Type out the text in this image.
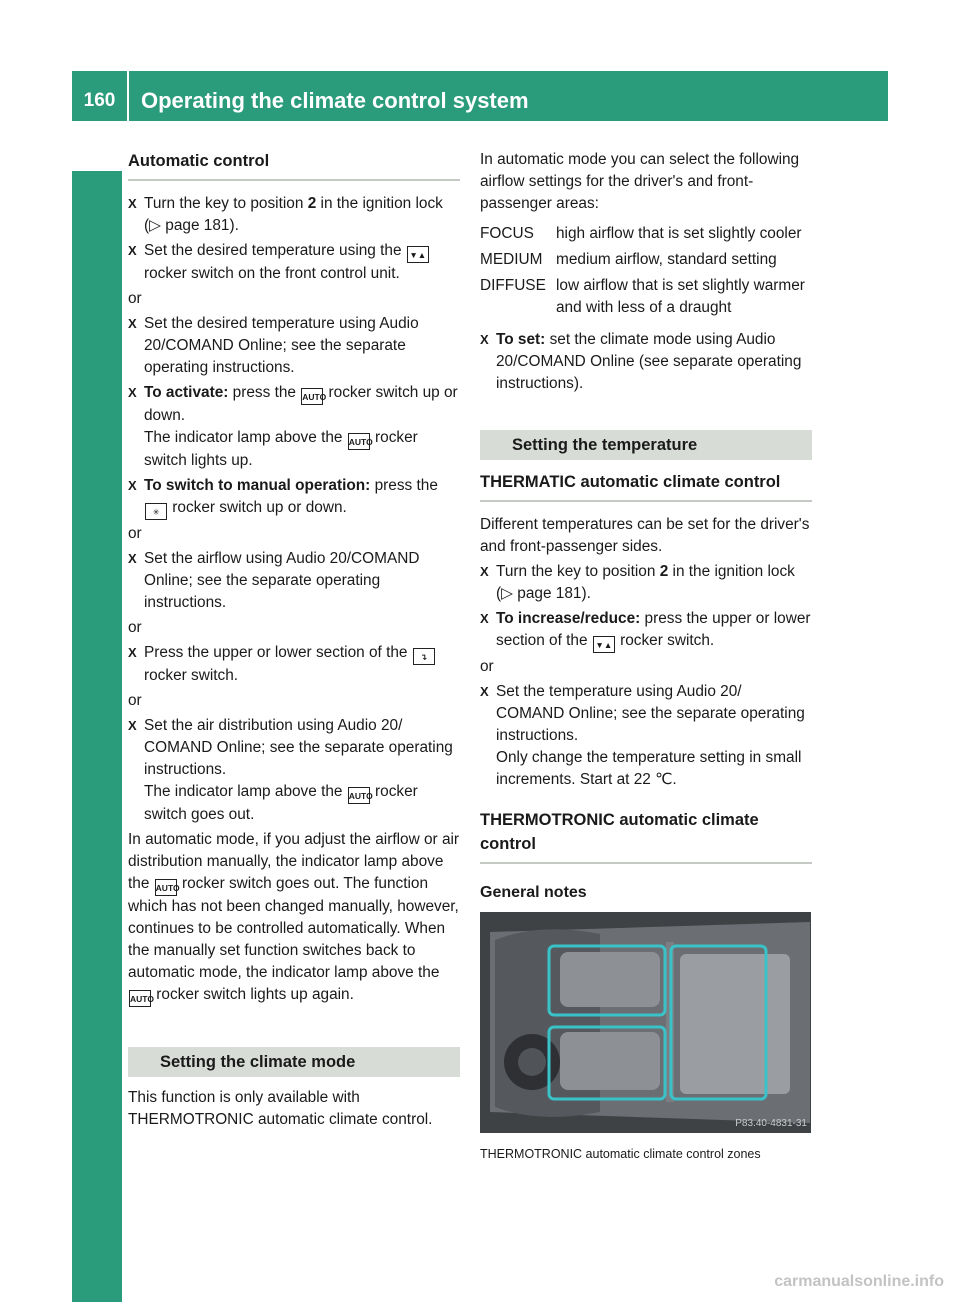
160	Operating the climate control system
Climate control
Automatic control
X Turn the key to position 2 in the ignition lock (▷ page 181).
X Set the desired temperature using the ▼▲ rocker switch on the front control unit.

or

X Set the desired temperature using Audio 20/COMAND Online; see the separate operating instructions.
X To activate: press the AUTO rocker switch up or down.
The indicator lamp above the AUTO rocker switch lights up.
X To switch to manual operation: press the ✳ rocker switch up or down.

or

X Set the airflow using Audio 20/COMAND Online; see the separate operating instructions.

or

X Press the upper or lower section of the ↴ rocker switch.

or

X Set the air distribution using Audio 20/ COMAND Online; see the separate operating instructions.
The indicator lamp above the AUTO rocker switch goes out.

In automatic mode, if you adjust the airflow or air distribution manually, the indicator lamp above the AUTO rocker switch goes out. The function which has not been changed manually, however, continues to be controlled automatically. When the manually set function switches back to automatic mode, the indicator lamp above the AUTO rocker switch lights up again.

Setting the climate mode

This function is only available with THERMOTRONIC automatic climate control.

In automatic mode you can select the following airflow settings for the driver's and front-passenger areas:

FOCUS	high airflow that is set slightly cooler
MEDIUM medium airflow, standard setting
DIFFUSE low airflow that is set slightly warmer and with less of a draught
X To set: set the climate mode using Audio 20/COMAND Online (see separate operating instructions).
Setting the temperature
THERMATIC automatic climate control

Different temperatures can be set for the driver's and front-passenger sides.

X Turn the key to position 2 in the ignition lock (▷ page 181).
X To increase/reduce: press the upper or lower section of the ▼▲ rocker switch.

or

X Set the temperature using Audio 20/ COMAND Online; see the separate operating instructions.
Only change the temperature setting in small increments. Start at 22 ℃.
THERMOTRONIC automatic climate control

General notes

P83.40-4831-31

THERMOTRONIC automatic climate control zones

carmanualsonline.info
